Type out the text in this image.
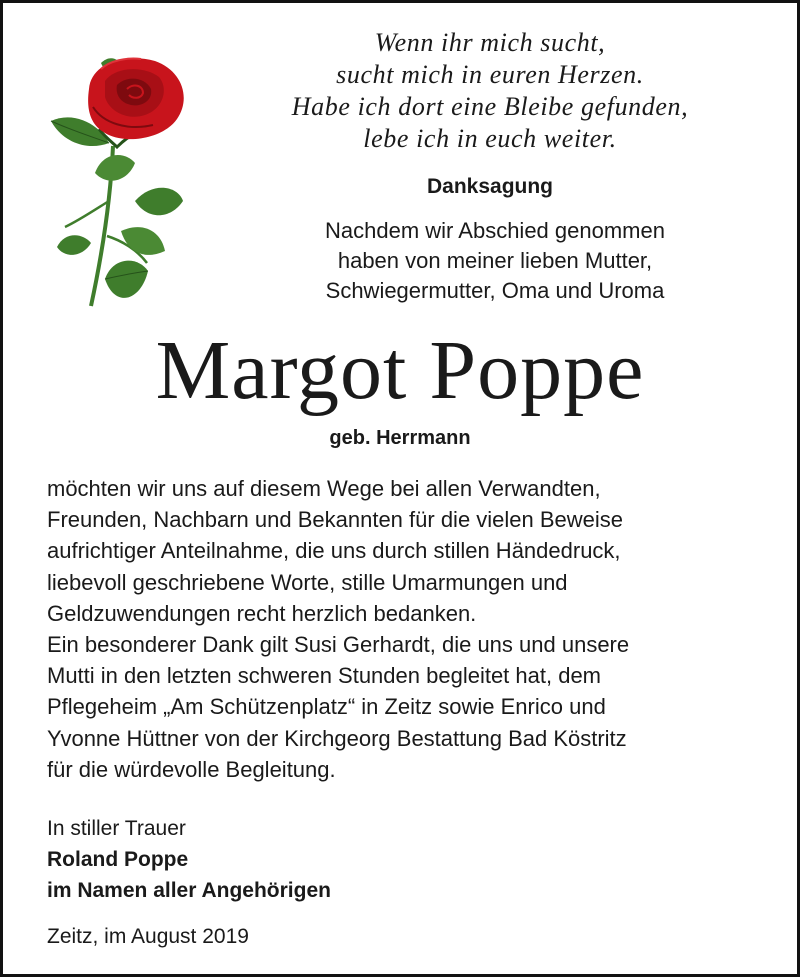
Wenn ihr mich sucht,
sucht mich in euren Herzen.
Habe ich dort eine Bleibe gefunden,
lebe ich in euch weiter.
Danksagung
Nachdem wir Abschied genommen
haben von meiner lieben Mutter,
Schwiegermutter, Oma und Uroma
Margot Poppe
geb. Herrmann
möchten wir uns auf diesem Wege bei allen Verwandten,
Freunden, Nachbarn und Bekannten für die vielen Beweise
aufrichtiger Anteilnahme, die uns durch stillen Händedruck,
liebevoll geschriebene Worte, stille Umarmungen und
Geldzuwendungen recht herzlich bedanken.
Ein besonderer Dank gilt Susi Gerhardt, die uns und unsere
Mutti in den letzten schweren Stunden begleitet hat, dem
Pflegeheim „Am Schützenplatz“ in Zeitz sowie Enrico und
Yvonne Hüttner von der Kirchgeorg Bestattung Bad Köstritz
für die würdevolle Begleitung.
In stiller Trauer
Roland Poppe
im Namen aller Angehörigen
Zeitz, im August 2019
